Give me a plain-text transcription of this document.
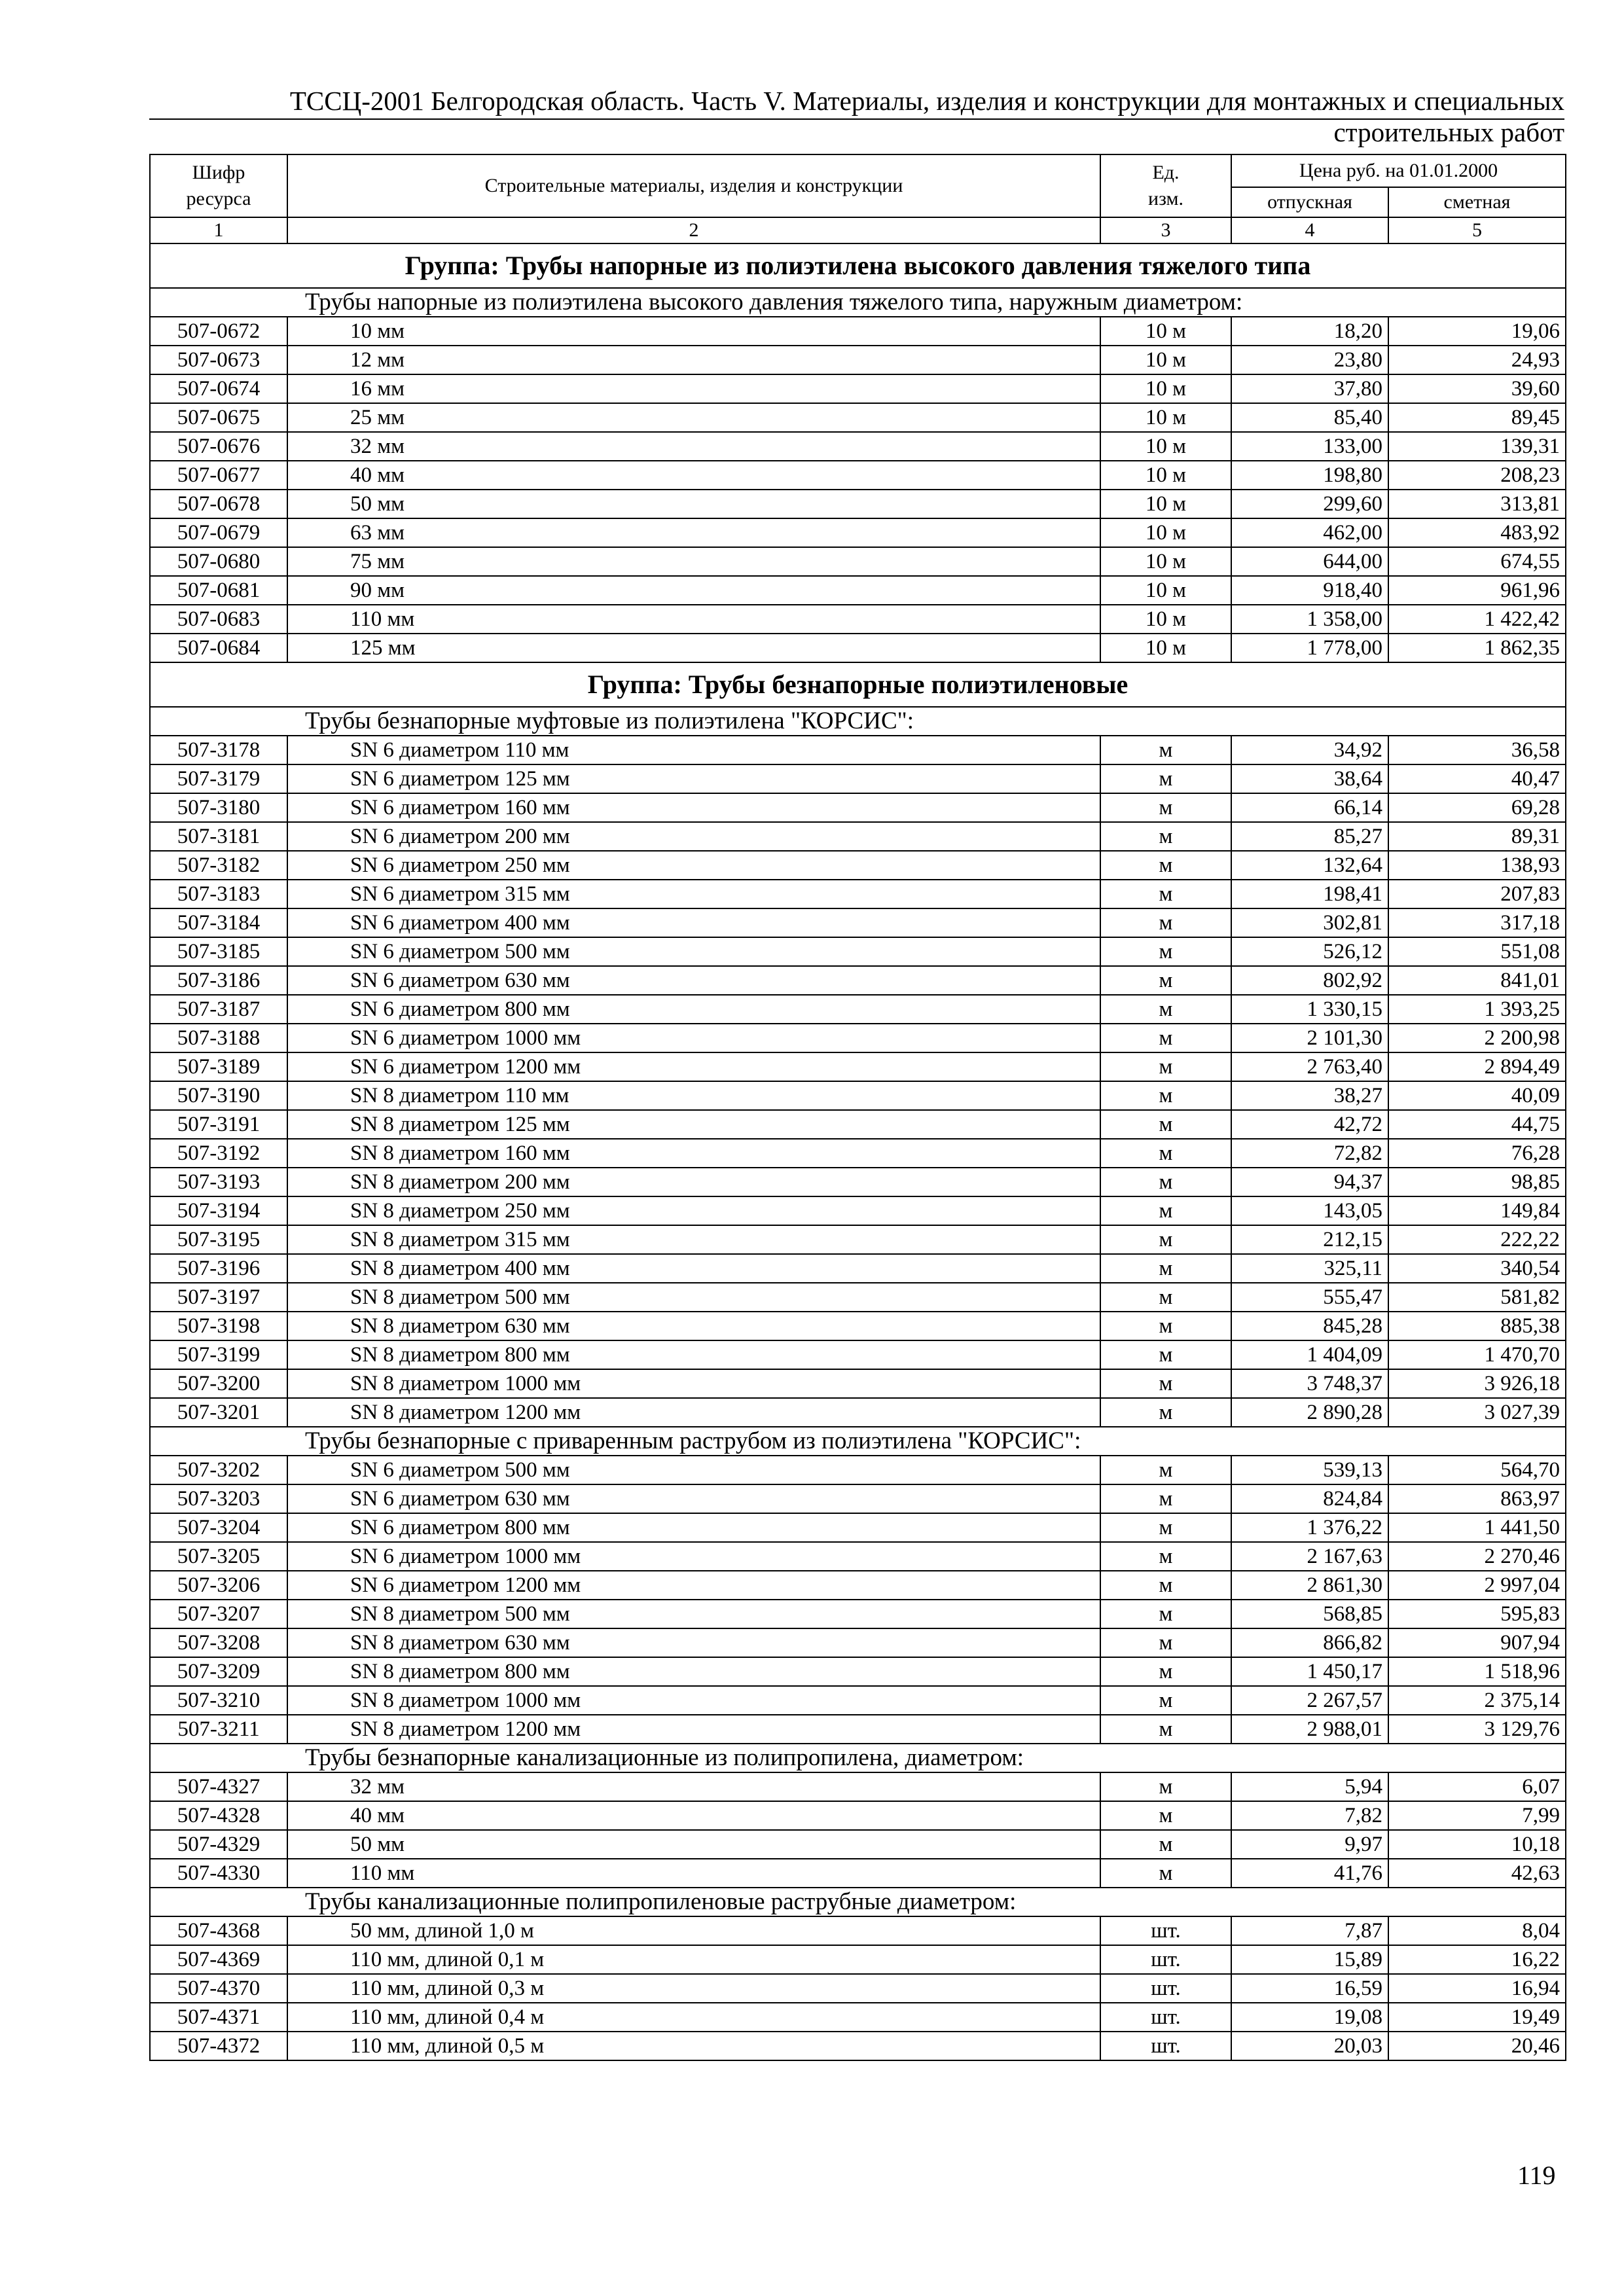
ТССЦ-2001 Белгородская область. Часть V. Материалы, изделия и конструкции для монтажных и специальных
строительных работ
Шифр ресурса	Строительные материалы, изделия и конструкции	Ед. изм.	Цена руб. на 01.01.2000	
			отпускная	сметная
1	2	3	4	5
Группа: Трубы напорные из полиэтилена высокого давления тяжелого типа				
Трубы напорные из полиэтилена высокого давления тяжелого типа, наружным диаметром:				
507-0672	10 мм	10 м	18,20	19,06
507-0673	12 мм	10 м	23,80	24,93
507-0674	16 мм	10 м	37,80	39,60
507-0675	25 мм	10 м	85,40	89,45
507-0676	32 мм	10 м	133,00	139,31
507-0677	40 мм	10 м	198,80	208,23
507-0678	50 мм	10 м	299,60	313,81
507-0679	63 мм	10 м	462,00	483,92
507-0680	75 мм	10 м	644,00	674,55
507-0681	90 мм	10 м	918,40	961,96
507-0683	110 мм	10 м	1 358,00	1 422,42
507-0684	125 мм	10 м	1 778,00	1 862,35
Группа: Трубы безнапорные полиэтиленовые				
Трубы безнапорные муфтовые из полиэтилена "КОРСИС":				
507-3178	SN 6 диаметром 110 мм	м	34,92	36,58
507-3179	SN 6 диаметром 125 мм	м	38,64	40,47
507-3180	SN 6 диаметром 160 мм	м	66,14	69,28
507-3181	SN 6 диаметром 200 мм	м	85,27	89,31
507-3182	SN 6 диаметром 250 мм	м	132,64	138,93
507-3183	SN 6 диаметром 315 мм	м	198,41	207,83
507-3184	SN 6 диаметром 400 мм	м	302,81	317,18
507-3185	SN 6 диаметром 500 мм	м	526,12	551,08
507-3186	SN 6 диаметром 630 мм	м	802,92	841,01
507-3187	SN 6 диаметром 800 мм	м	1 330,15	1 393,25
507-3188	SN 6 диаметром 1000 мм	м	2 101,30	2 200,98
507-3189	SN 6 диаметром 1200 мм	м	2 763,40	2 894,49
507-3190	SN 8 диаметром 110 мм	м	38,27	40,09
507-3191	SN 8 диаметром 125 мм	м	42,72	44,75
507-3192	SN 8 диаметром 160 мм	м	72,82	76,28
507-3193	SN 8 диаметром 200 мм	м	94,37	98,85
507-3194	SN 8 диаметром 250 мм	м	143,05	149,84
507-3195	SN 8 диаметром 315 мм	м	212,15	222,22
507-3196	SN 8 диаметром 400 мм	м	325,11	340,54
507-3197	SN 8 диаметром 500 мм	м	555,47	581,82
507-3198	SN 8 диаметром 630 мм	м	845,28	885,38
507-3199	SN 8 диаметром 800 мм	м	1 404,09	1 470,70
507-3200	SN 8 диаметром 1000 мм	м	3 748,37	3 926,18
507-3201	SN 8 диаметром 1200 мм	м	2 890,28	3 027,39
Трубы безнапорные с приваренным раструбом из полиэтилена "КОРСИС":				
507-3202	SN 6 диаметром 500 мм	м	539,13	564,70
507-3203	SN 6 диаметром 630 мм	м	824,84	863,97
507-3204	SN 6 диаметром 800 мм	м	1 376,22	1 441,50
507-3205	SN 6 диаметром 1000 мм	м	2 167,63	2 270,46
507-3206	SN 6 диаметром 1200 мм	м	2 861,30	2 997,04
507-3207	SN 8 диаметром 500 мм	м	568,85	595,83
507-3208	SN 8 диаметром 630 мм	м	866,82	907,94
507-3209	SN 8 диаметром 800 мм	м	1 450,17	1 518,96
507-3210	SN 8 диаметром 1000 мм	м	2 267,57	2 375,14
507-3211	SN 8 диаметром 1200 мм	м	2 988,01	3 129,76
Трубы безнапорные канализационные из полипропилена, диаметром:				
507-4327	32 мм	м	5,94	6,07
507-4328	40 мм	м	7,82	7,99
507-4329	50 мм	м	9,97	10,18
507-4330	110 мм	м	41,76	42,63
Трубы канализационные полипропиленовые раструбные диаметром:				
507-4368	50 мм, длиной 1,0 м	шт.	7,87	8,04
507-4369	110 мм, длиной 0,1 м	шт.	15,89	16,22
507-4370	110 мм, длиной 0,3 м	шт.	16,59	16,94
507-4371	110 мм, длиной 0,4 м	шт.	19,08	19,49
507-4372	110 мм, длиной 0,5 м	шт.	20,03	20,46
119
